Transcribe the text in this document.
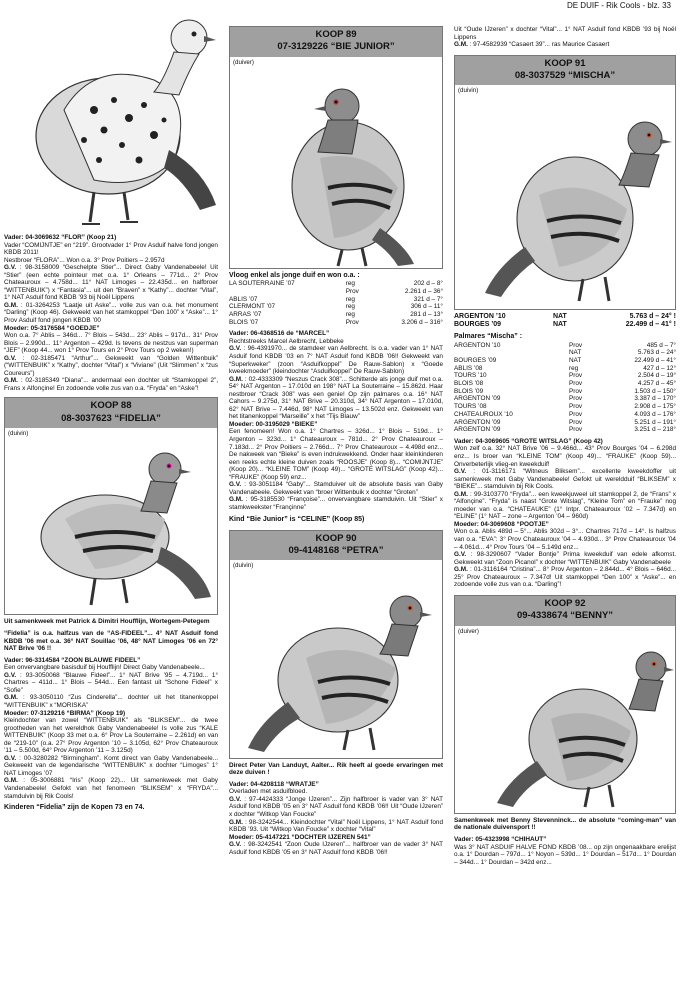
DE DUIF - Rik Cools - blz. 33

Vader: 04-3069632 “FLOR” (Koop 21)

Vader “COMIJNTJE” en “219”. Grootvader 1° Prov Asduif halve fond jongen KBDB 2011!

Nestbroer “FLORA”... Won o.a. 3° Prov Poitiers – 2.957d

G.V. : 98-3158009 “Geschelpte Stier”... Direct Gaby Vandenabeele! Uit “Stier” (een echte pointeur met o.a. 1° Orleans – 771d... 2° Prov Chateauroux – 4.758d... 11° NAT Limoges – 22.435d... en halfbroer “WITTENBUIK”) x “Fantasia”... uit den “Braven” x “Kathy”... dochter “Vital”, 1° NAT Asduif fond KBDB ’93 bij Noël Lippens

G.M. : 01-3264253 “Laatje uit Aske”... volle zus van o.a. het monument “Darling” (Koop 46). Gekweekt van het stamkoppel “Den 100” x “Aske”... 1° Prov Asduif fond jongen KBDB ’00

Moeder: 05-3176584 “GOEDJE”

Won o.a. 7° Ablis – 346d... 7° Blois – 543d... 23° Ablis – 917d... 31° Prov Blois – 2.990d... 11° Argenton – 429d. Is tevens de nestzus van superman “JEF” (Koop 44... won 1° Prov Tours en 2° Prov Tours op 2 weken!)

G.V. : 02-3185471 “Arthur”... Gekweekt van “Golden Wittenbuik” (“WITTENBUIK” x “Kathy”, dochter “Vital”) x “Viviane” (Uit “Slimmen” x “zus Coureurs”)

G.M. : 02-3185349 “Diana”... andermaal een dochter uit “Stamkoppel 2”, Frans x Alfonçine! En zodoende volle zus van o.a. “Fryda” en “Aske”!

KOOP 88
08-3037623 “FIDELIA”
(duivin)

Uit samenkweek met Patrick & Dimitri Houfflijn, Wortegem-Petegem

“Fidelia” is o.a. halfzus van de “AS-FIDEEL”... 4° NAT Asduif fond KBDB ’06 met o.a. 36° NAT Souillac ’06, 48° NAT Limoges ’06 en 72° NAT Brive ’06 !!

Vader: 96-3314584 “ZOON BLAUWE FIDEEL”

Een onvervangbare basisduif bij Houfflijn! Direct Gaby Vandenabeele...

G.V. : 93-3050068 “Blauwe Fideel”... 1° NAT Brive ’95 – 4.719d... 1° Chartres – 411d... 1° Blois – 544d... Een fantast uit “Schone Fideel” x “Sofie”

G.M. : 93-3050110 “Zus Cinderella”... dochter uit het titanenkoppel “WITTENBUIK” x “MORISKA”

Moeder: 07-3129216 “BIRMA” (Koop 19)

Kleindochter van zowel “WITTENBUIK” als “BLIKSEM”... de twee grootheden van het wereldhok Gaby Vandenabeele! Is volle zus “KALE WITTENBUIK” (Koop 33 met o.a. 6° Prov La Souterraine – 2.261d) en van de “219-10” (o.a. 27° Prov Argenton ’10 – 3.105d, 62° Prov Chateauroux ’11 – 5.500d, 64° Prov Argenton ’11 – 3.125d)

G.V. : 00-3280282 “Birmingham”. Komt direct van Gaby Vandenabeele... Gekweekt van de legendarische “WITTENBUIK” x dochter “Limoges” 1° NAT Limoges ’07

G.M. : 05-3006881 “Iris” (Koop 22)... Uit samenkweek met Gaby Vandenabeele! Gefokt van het fenomeen “BLIKSEM” x “FRYDA”... stamduivin bij Rik Cools!

Kinderen “Fidelia” zijn de Kopen 73 en 74.

KOOP 89
07-3129226 “BIE JUNIOR”
(duiver)

Vloog enkel als jonge duif en won o.a. :

LA SOUTERRAINE ’07	reg	202 d – 8°
	Prov	2.261 d – 36°
ABLIS ’07	reg	321 d – 7°
CLERMONT ’07	reg	306 d – 11°
ARRAS ’07	reg	281 d – 13°
BLOIS ’07	Prov	3.206 d – 316°

Vader: 06-4368516 de “MARCEL”

Rechtstreeks Marcel Aelbrecht, Lebbeke

G.V. : 96-4391970... de stamdeer van Aelbrecht. Is o.a. vader van 1° NAT Asduif fond KBDB ’03 en 7° NAT Asduif fond KBDB ’06!! Gekweekt van “Superkweker” (zoon “Asduifkoppel” De Rauw-Sablon) x “Goede kweekmoeder” (kleindochter “Asduifkoppel” De Rauw-Sablon)

G.M. : 02-4333309 “Neszus Crack 308”... Schitterde als jonge duif met o.a. 54° NAT Argenton – 17.010d en 198° NAT La Souterraine – 15.862d. Haar nestbroer “Crack 308” was een genie! Op zijn palmares o.a. 16° NAT Cahors – 9.275d, 31° NAT Brive – 20.310d, 34° NAT Argenton – 17.010d, 62° NAT Brive – 7.446d, 98° NAT Limoges – 13.502d enz. Gekweekt van het titanenkoppel “Marseille” x het “Tijs Blauw”

Moeder: 00-3195029 “BIEKE”

Een fenomeen! Won o.a. 1° Chartres – 326d... 1° Blois – 519d... 1° Argenton – 323d... 1° Chateauroux – 781d... 2° Prov Chateauroux – 7.183d... 2° Prov Poitiers – 2.766d... 7° Prov Chateauroux – 4.498d enz... De nakweek van “Bieke” is even indrukwekkend. Onder haar kleinkinderen een reeks echte kleine duiven zoals “ROOSJE” (Koop 8)... “COMIJNTJE” (Koop 20)... “KLEINE TOM” (Koop 49)... “GROTE WITSLAG” (Koop 42)... “FRAUKE” (Koop 59) enz...

G.V. : 93-3051184 “Gaby”... Stamduiver uit de absolute basis van Gaby Vandenabeele. Gekweekt van “broer Wittenbuik x dochter “Groten”

G.M. : 95-3185530 “Françoise”... onvervangbare stamduivin. Uit “Stier” x stamkweekster “Françinne”

Kind “Bie Junior” is “CELINE” (Koop 85)

KOOP 90
09-4148168 “PETRA”
(duivin)

Direct Peter Van Landuyt, Aalter... Rik heeft al goede ervaringen met deze duiven !

Vader: 04-4208118 “WRATJE”

Overladen met asduifbloed.

G.V. : 97-4424333 “Jonge IJzeren”... Zijn halfbroer is vader van 3° NAT Asduif fond KBDB ’05 en 3° NAT Asduif fond KBDB ’06!! Uit “Oude IJzeren” x dochter “Witkop Van Foucke”

G.M. : 98-3242544... Kleindochter “Vital” Noël Lippens, 1° NAT Asduif fond KBDB ’93. Uit “Witkop Van Foucke” x dochter “Vital”

Moeder: 05-4147221 “DOCHTER IJZEREN 541”

G.V. : 98-3242541 “Zoon Oude IJzeren”... halfbroer van de vader 3° NAT Asduif fond KBDB ’05 en 3° NAT Asduif fond KBDB ’06!!

Uit “Oude IJzeren” x dochter “Vital”... 1° NAT Asduif fond KBDB ’93 bij Noël Lippens

G.M. : 97-4582939 “Casaert 39”... ras Maurice Casaert

KOOP 91
08-3037529 “MISCHA”
(duivin)
ARGENTON ’10	NAT	5.763 d – 24° !
BOURGES ’09	NAT	22.499 d – 41° !

Palmares “Mischa” :

ARGENTON ’10	Prov	485 d – 7°
	NAT	5.763 d – 24°
BOURGES ’09	NAT	22.499 d – 41°
ABLIS ’08	reg	427 d – 12°
TOURS ’10	Prov	2.504 d – 19°
BLOIS ’08	Prov	4.257 d – 45°
BLOIS ’09	Prov	1.503 d – 150°
ARGENTON ’09	Prov	3.387 d – 170°
TOURS ’08	Prov	2.908 d – 175°
CHATEAUROUX ’10	Prov	4.093 d – 176°
ARGENTON ’09	Prov	5.251 d – 191°
ARGENTON ’09	Prov	3.251 d – 218°

Vader: 04-3069605 “GROTE WITSLAG” (Koop 42)

Won zelf o.a. 32° NAT Brive ’06 – 9.466d... 43° Prov Bourges ’04 – 6.298d enz... Is broer van “KLEINE TOM” (Koop 49)... “FRAUKE” (Koop 59)... Onverbeterlijk vlieg-en kweekduif!

G.V. : 01-3116171 “Witneus Bliksem”... excellente kweekdoffer uit samenkweek met Gaby Vandenabeele! Gefokt uit wereldduif “BLIKSEM” x “BIEKE”... stamduivin bij Rik Cools.

G.M. : 99-3103770 “Fryda”... een kweekjuweel uit stamkoppel 2, de “Frans” x “Alfonçine”. “Fryda” is naast “Grote Witslag”, “Kleine Tom” en “Frauke” nog moeder van o.a. “CHATEAUKE” (1° Intpr. Chateauroux ’02 – 7.347d) en “ELINE” (1° NAT – zone – Argenton ’04 – 960d)

Moeder: 04-3069608 “POOTJE”

Won o.a. Ablis 489d – 5°... Ablis 302d – 3°... Chartres 717d – 14°. Is halfzus van o.a. “EVA”: 3° Prov Chateauroux ’04 – 4.930d... 3° Prov Chateauroux ’04 – 4.061d... 4° Prov Tours ’04 – 5.149d enz...

G.V. : 98-3290607 “Vader Bontje” Prima kweekduif van edele afkomst. Gekweekt van “Zoon Picanol” x dochter “WITTENBUIK” Gaby Vandenabeele

G.M. : 01-3116164 “Cristina”... 8° Prov Argenton – 2.844d... 4° Blois – 646d... 25° Prov Chateauroux – 7.347d! Uit stamkoppel “Den 100” x “Aske”... en zodoende volle zus van o.a. “Darling”!

KOOP 92
09-4338674 “BENNY”
(duiver)

Samenkweek met Benny Stevenninck... de absolute “coming-man” van de nationale duivensport !!

Vader: 05-4323998 “CHIHAUT”

Was 3° NAT ASDUIF HALVE FOND KBDB ’08... op zijn ongenaakbare erelijst o.a. 1° Dourdan – 797d... 1° Noyon – 539d... 1° Dourdan – 517d... 1° Dourdan – 344d... 1° Dourdan – 342d enz...
